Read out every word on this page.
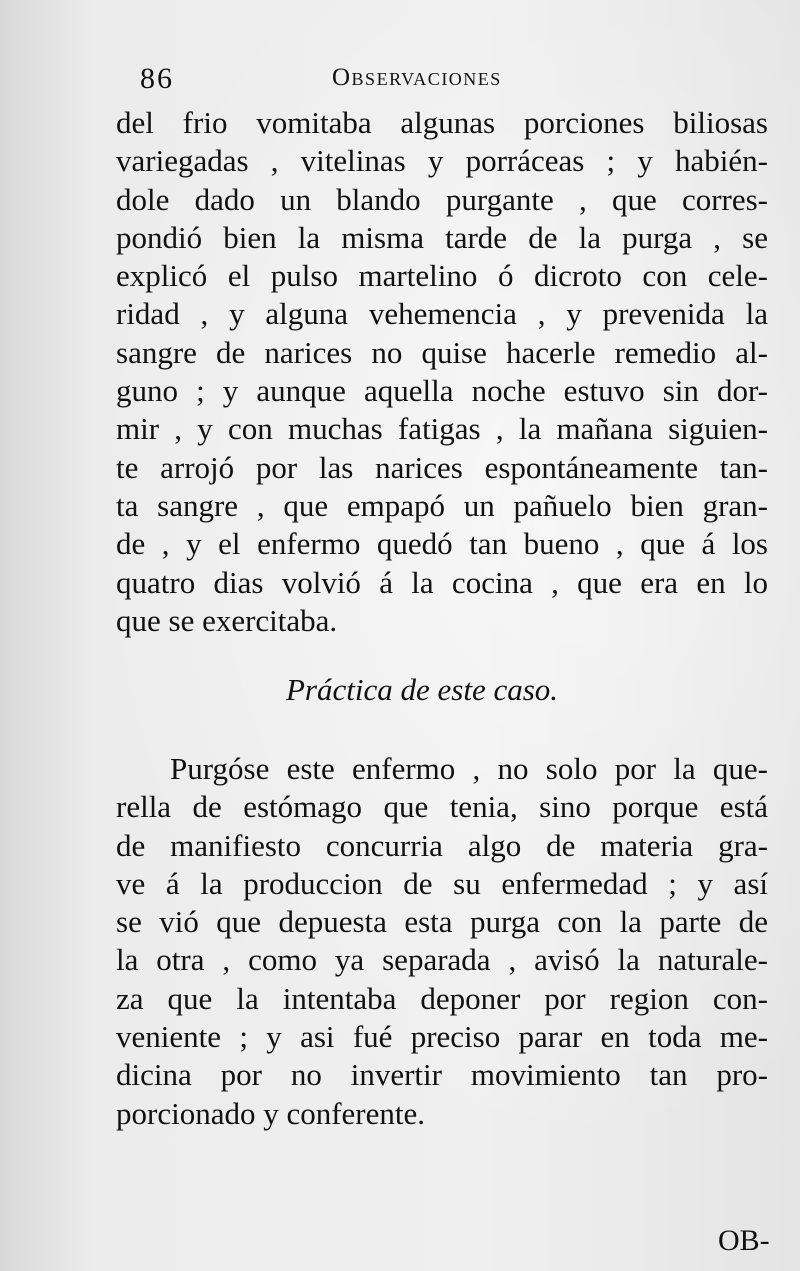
86	Observaciones
del frio vomitaba algunas porciones biliosas
variegadas , vitelinas y porráceas ; y habién-
dole dado un blando purgante , que corres-
pondió bien la misma tarde de la purga , se
explicó el pulso martelino ó dicroto con cele-
ridad , y alguna vehemencia , y prevenida la
sangre de narices no quise hacerle remedio al-
guno ; y aunque aquella noche estuvo sin dor-
mir , y con muchas fatigas , la mañana siguien-
te arrojó por las narices espontáneamente tan-
ta sangre , que empapó un pañuelo bien gran-
de , y el enfermo quedó tan bueno , que á los
quatro dias volvió á la cocina , que era en lo
que se exercitaba.
Práctica de este caso.
Purgóse este enfermo , no solo por la que-
rella de estómago que tenia, sino porque está
de manifiesto concurria algo de materia gra-
ve á la produccion de su enfermedad ; y así
se vió que depuesta esta purga con la parte de
la otra , como ya separada , avisó la naturale-
za que la intentaba deponer por region con-
veniente ; y asi fué preciso parar en toda me-
dicina por no invertir movimiento tan pro-
porcionado y conferente.
OB-
